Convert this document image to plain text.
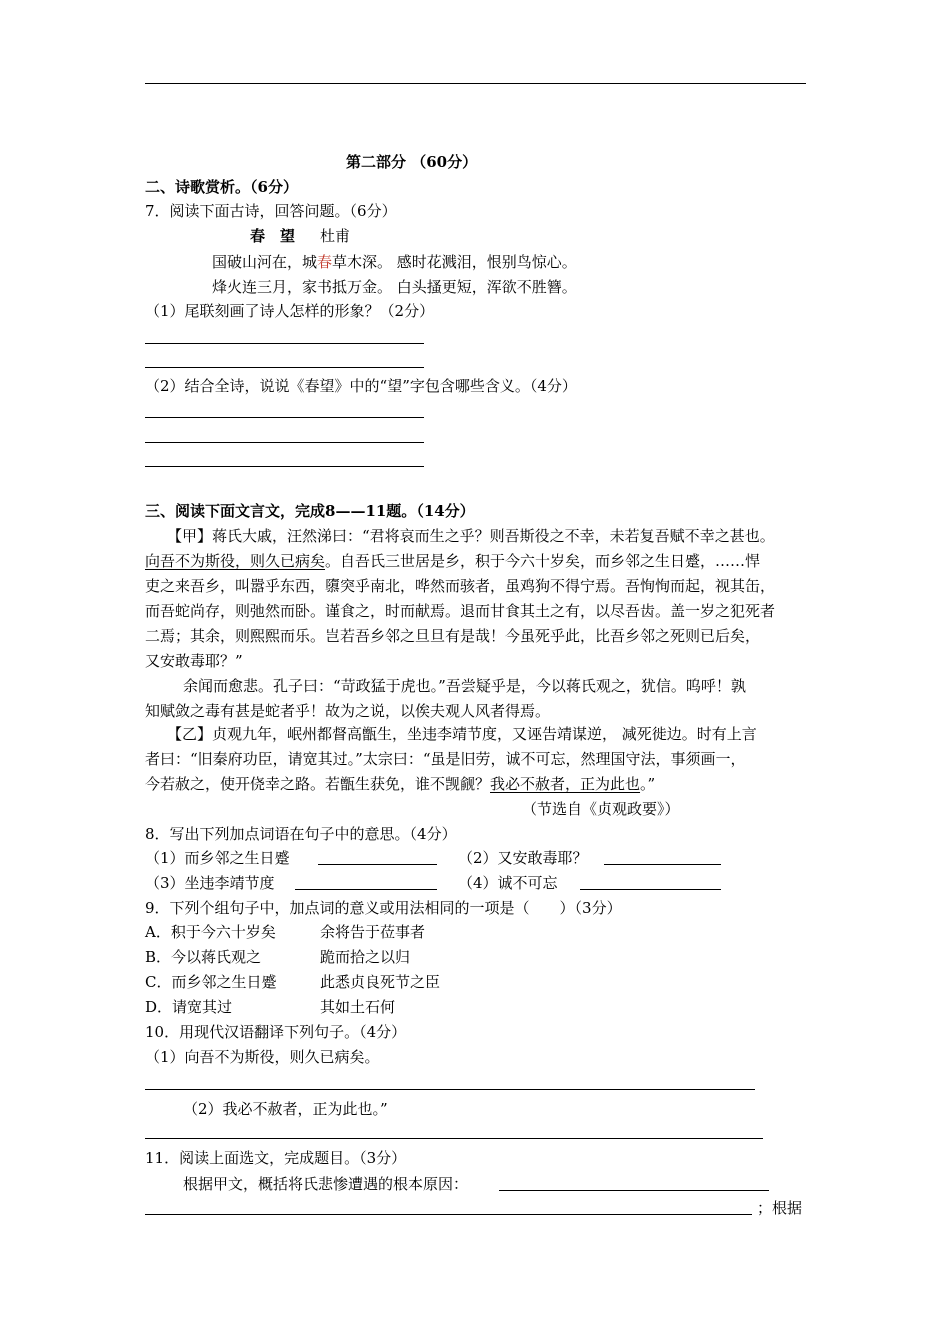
第二部分 （60分）
二、诗歌赏析。（6分）
7．阅读下面古诗，回答问题。（6分）
春　望 杜甫
国破山河在，城春草木深。 感时花溅泪，恨别鸟惊心。
烽火连三月，家书抵万金。 白头搔更短，浑欲不胜簪。
（1）尾联刻画了诗人怎样的形象？（2分）
（2）结合全诗，说说《春望》中的“望”字包含哪些含义。（4分）
三、阅读下面文言文，完成8——11题。（14分）
【甲】蒋氏大戚，汪然涕曰：“君将哀而生之乎？则吾斯役之不幸，未若复吾赋不幸之甚也。
向吾不为斯役，则久已病矣。自吾氏三世居是乡，积于今六十岁矣，而乡邻之生日蹙，……悍
吏之来吾乡，叫嚣乎东西，隳突乎南北，哗然而骇者，虽鸡狗不得宁焉。吾恂恂而起，视其缶，
而吾蛇尚存，则弛然而卧。谨食之，时而献焉。退而甘食其土之有，以尽吾齿。盖一岁之犯死者
二焉；其余，则熙熙而乐。岂若吾乡邻之旦旦有是哉！今虽死乎此，比吾乡邻之死则已后矣，
又安敢毒耶？”
余闻而愈悲。孔子曰：“苛政猛于虎也。”吾尝疑乎是，今以蒋氏观之，犹信。呜呼！孰
知赋敛之毒有甚是蛇者乎！故为之说，以俟夫观人风者得焉。
【乙】贞观九年，岷州都督高甑生，坐违李靖节度，又诬告靖谋逆， 减死徙边。时有上言
者曰：“旧秦府功臣，请宽其过。”太宗曰：“虽是旧劳，诚不可忘，然理国守法，事须画一，
今若赦之，使开侥幸之路。若甑生获免，谁不觊觎？我必不赦者，正为此也。”
（节选自《贞观政要》）
8．写出下列加点词语在句子中的意思。（4分）
（1）而乡邻之生日蹙	（2）又安敢毒耶？
（3）坐违李靖节度	（4）诚不可忘
9．下列个组句子中，加点词的意义或用法相同的一项是（　　）（3分）
A．积于今六十岁矣	余将告于莅事者
B．今以蒋氏观之	跪而拾之以归
C．而乡邻之生日蹙	此悉贞良死节之臣
D．请宽其过	其如土石何
10．用现代汉语翻译下列句子。（4分）
（1）向吾不为斯役，则久已病矣。
（2）我必不赦者，正为此也。”
11．阅读上面选文，完成题目。（3分）
根据甲文，概括将氏悲惨遭遇的根本原因：
；根据
